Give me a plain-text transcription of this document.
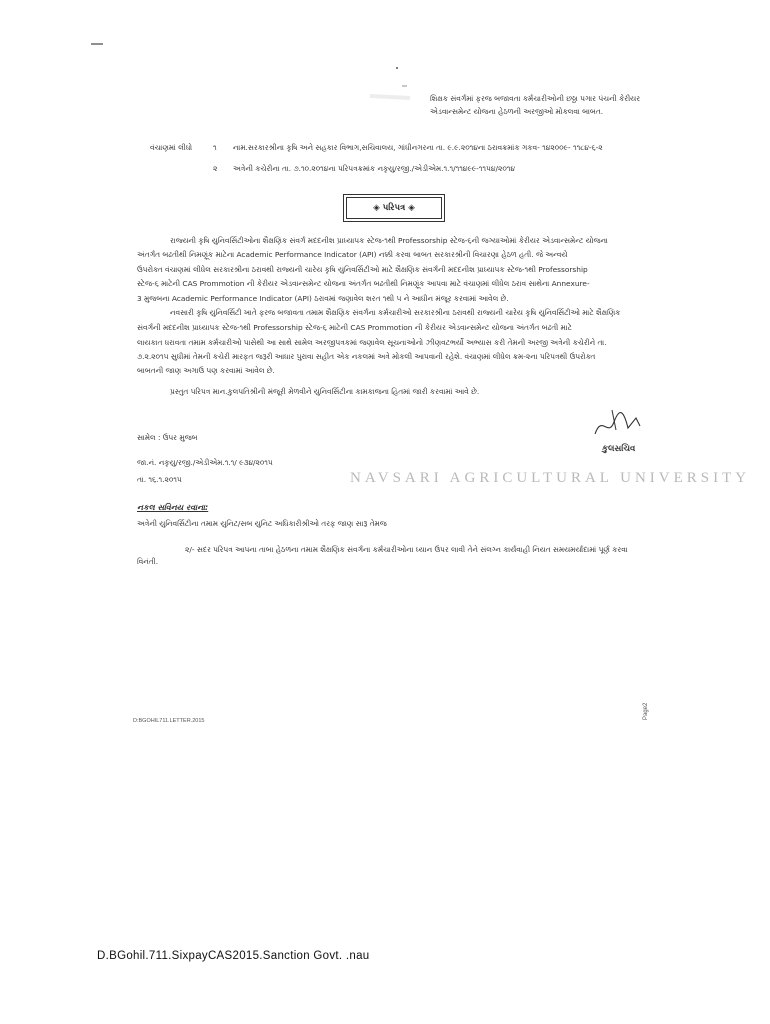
શિક્ષક સંવર્ગમાં ફરજ બજાવતા કર્મચારીઓની છઠ્ઠા પગાર પંચની કેરીયર
એડવાન્સમેન્ટ યોજના હેઠળની અરજીઓ મોકલવા બાબત.
વંચાણમાં લીધો	૧ નામ.સરકારશ્રીના કૃષિ અને સહકાર વિભાગ,સચિવાલય, ગાંધીનગરના તા. ૯.૯.૨૦૧૪ના ઠરાવક્રમાંક ગકવ- ૧૪૨૦૦૯- ૧૧૮૪-૬-૨
૨ અત્રેની કચેરીના તા. ૭.૧૦.૨૦૧૪ના પરિપત્રક્રમાંક નકૃયુ/રજી./એડીએમ.૧.૧/૧૧૪૯૯-૧૧૫૪/૨૦૧૪
◈ પરિપત્ર ◈
રાજ્યની કૃષિ યુનિવર્સિટીઓના શૈક્ષણિક સંવર્ગ મદદનીશ પ્રાધ્યાપક સ્ટેજ-૧થી Professorship સ્ટેજ-૬ની જગ્યાઓમાં કેરીયર એડવાન્સમેન્ટ યોજના
અંતર્ગત બઢતીથી નિમણૂંક માટેના Academic Performance Indicator (API) નક્કી કરવા બાબત સરકારશ્રીની વિચારણા હેઠળ હતી. જે અન્વયે
ઉપરોક્ત વંચાણમાં લીધેલ સરકારશ્રીના ઠરાવથી રાજ્યની ચારેય કૃષિ યુનિવર્સિટીઓ માટે શૈક્ષણિક સંવર્ગની મદદનીશ પ્રાધ્યાપક સ્ટેજ-૧થી Professorship
સ્ટેજ-૬ માટેની CAS Prommotion ની કેરીયર એડવાન્સમેન્ટ યોજના અંતર્ગત બઢતીથી નિમણૂંક આપવા માટે વંચાણમાં લીધેલ ઠરાવ સાથેના Annexure-
3 મુજબના Academic Performance Indicator (API) ઠરાવમાં જણાવેલ શરત ૧થી ૫ ને આધીન મંજૂર કરવામાં આવેલ છે.
નવસારી કૃષિ યુનિવર્સિટી ખાતે ફરજ બજાવતા તમામ શૈક્ષણિક સંવર્ગના કર્મચારીઓ સરકારશ્રીના ઠરાવથી રાજ્યની ચારેય કૃષિ યુનિવર્સિટીઓ માટે શૈક્ષણિક
સંવર્ગની મદદનીશ પ્રાધ્યાપક સ્ટેજ-૧થી Professorship સ્ટેજ-૬ માટેની CAS Prommotion ની કેરીયર એડવાન્સમેન્ટ યોજના અંતર્ગત બઢતી માટે
લાયકાત ધરાવતા તમામ કર્મચારીઓ પાસેથી આ સાથે સામેલ અરજીપત્રકમાં જણાવેલ સૂચનાઓનો ઝીણવટભર્યો અભ્યાસ કરી તેમની અરજી અત્રેની કચેરીને તા.
૭.૨.૨૦૧૫ સુધીમાં તેમની કચેરી મારફત જરૂરી આધાર પુરાવા સહીત એક નકલમાં અત્રે મોકલી આપવાની રહેશે. વંચાણમાં લીધેલ ક્રમ-૨ના પરિપત્રથી ઉપરોક્ત
બાબતની જાણ અગાઉ પણ કરવામાં આવેલ છે.
પ્રસ્તુત પરિપત્ર માન.કુલપતિશ્રીની મંજૂરી મેળવીને યુનિવર્સિટીના કામકાજના હિતમાં જારી કરવામાં આવે છે.
સામેલ : ઉપર મુજબ
જા.નં. નકૃયુ/રજી./એડીએમ.૧.૧/ ૯૩૪/૨૦૧૫
તા. ૧૬.૧.૨૦૧૫	NAVSARI AGRICULTURAL UNIVERSITY
કુલસચિવ
નકલ સવિનય રવાના:
અત્રેની યુનિવર્સિટીના તમામ યુનિટ/સબ યુનિટ અધિકારીશ્રીઓ તરફ જાણ સારૂ તેમજ
૨/- સદર પરિપત્ર આપના તાબા હેઠળના તમામ શૈક્ષણિક સંવર્ગના કર્મચારીઓના ધ્યાન ઉપર લાવી તેને સંલગ્ન કાર્યવાહી નિયત સમયમર્યાદામાં પૂર્ણ કરવા
વિનંતી.
D:BGOHIL711.LETTER.2015
Page2
D.BGohil.711.SixpayCAS2015.Sanction Govt. .nau
